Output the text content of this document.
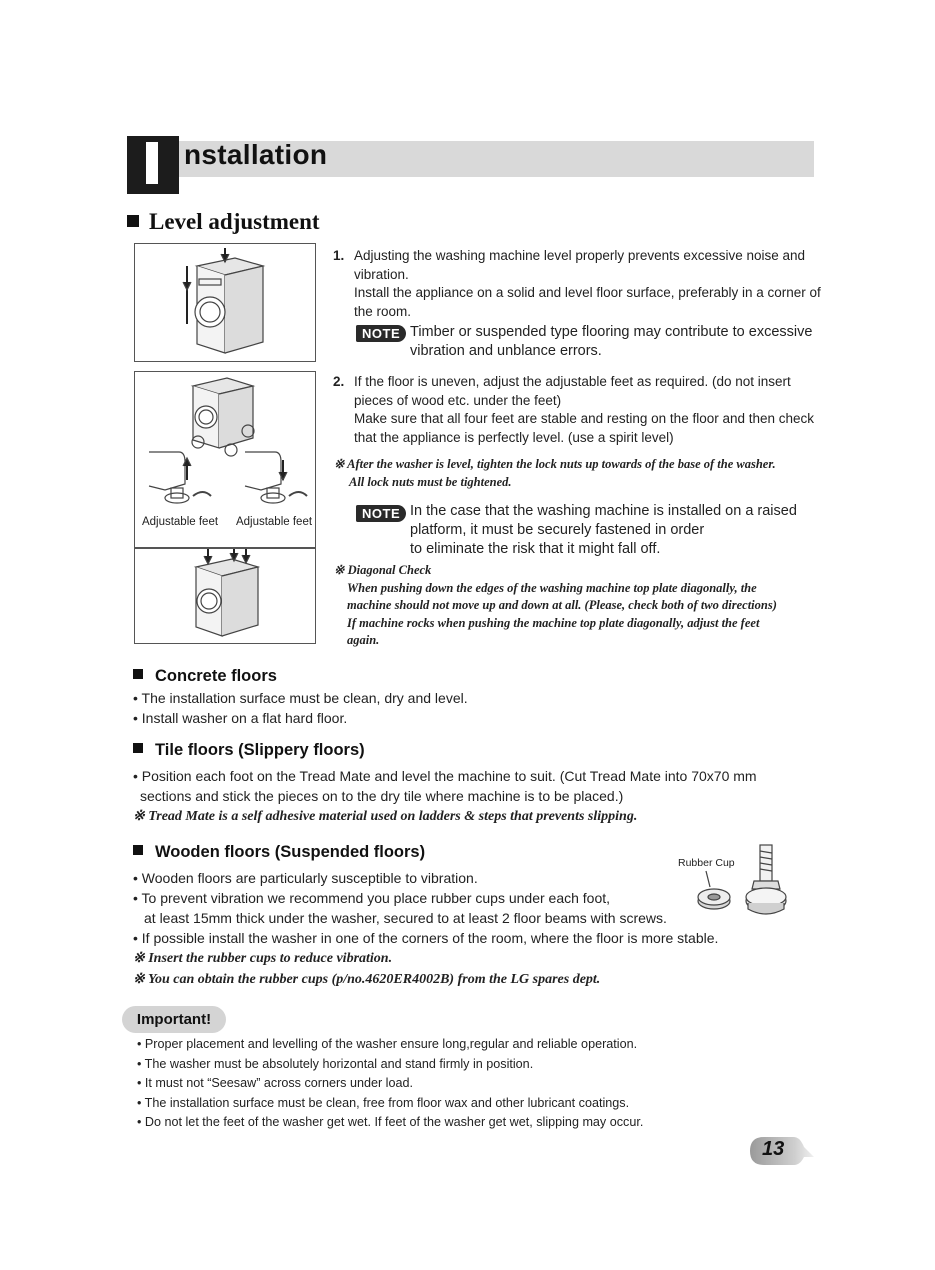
nstallation
Level adjustment
Adjustable feet Adjustable feet
1. Adjusting the washing machine level properly prevents excessive noise and
vibration.
Install the appliance on a solid and level floor surface, preferably in a corner of
the room.
NOTE Timber or suspended type flooring may contribute to excessive
vibration and unblance errors.
2. If the floor is uneven, adjust the adjustable feet as required. (do not insert
pieces of wood etc. under the feet)
Make sure that all four feet are stable and resting on the floor and then check
that the appliance is perfectly level. (use a spirit level)
※ After the washer is level, tighten the lock nuts up towards of the base of the washer.
All lock nuts must be tightened.
NOTE In the case that the washing machine is installed on a raised
platform, it must be securely fastened in order
to eliminate the risk that it might fall off.
※ Diagonal Check
When pushing down the edges of the washing machine top plate diagonally, the
machine should not move up and down at all. (Please, check both of two directions)
If machine rocks when pushing the machine top plate diagonally, adjust the feet
again.
Concrete floors
• The installation surface must be clean, dry and level.
• Install washer on a flat hard floor.
Tile floors (Slippery floors)
• Position each foot on the Tread Mate and level the machine to suit. (Cut Tread Mate into 70x70 mm
sections and stick the pieces on to the dry tile where machine is to be placed.)
※ Tread Mate is a self adhesive material used on ladders & steps that prevents slipping.
Wooden floors (Suspended floors)
• Wooden floors are particularly susceptible to vibration.
• To prevent vibration we recommend you place rubber cups under each foot,
at least 15mm thick under the washer, secured to at least 2 floor beams with screws.
• If possible install the washer in one of the corners of the room, where the floor is more stable.
※ Insert the rubber cups to reduce vibration.
※ You can obtain the rubber cups (p/no.4620ER4002B) from the LG spares dept.
Rubber Cup
Important!
• Proper placement and levelling of the washer ensure long,regular and reliable operation.
• The washer must be absolutely horizontal and stand firmly in position.
• It must not “Seesaw” across corners under load.
• The installation surface must be clean, free from floor wax and other lubricant coatings.
• Do not let the feet of the washer get wet. If feet of the washer get wet, slipping may occur.
13
